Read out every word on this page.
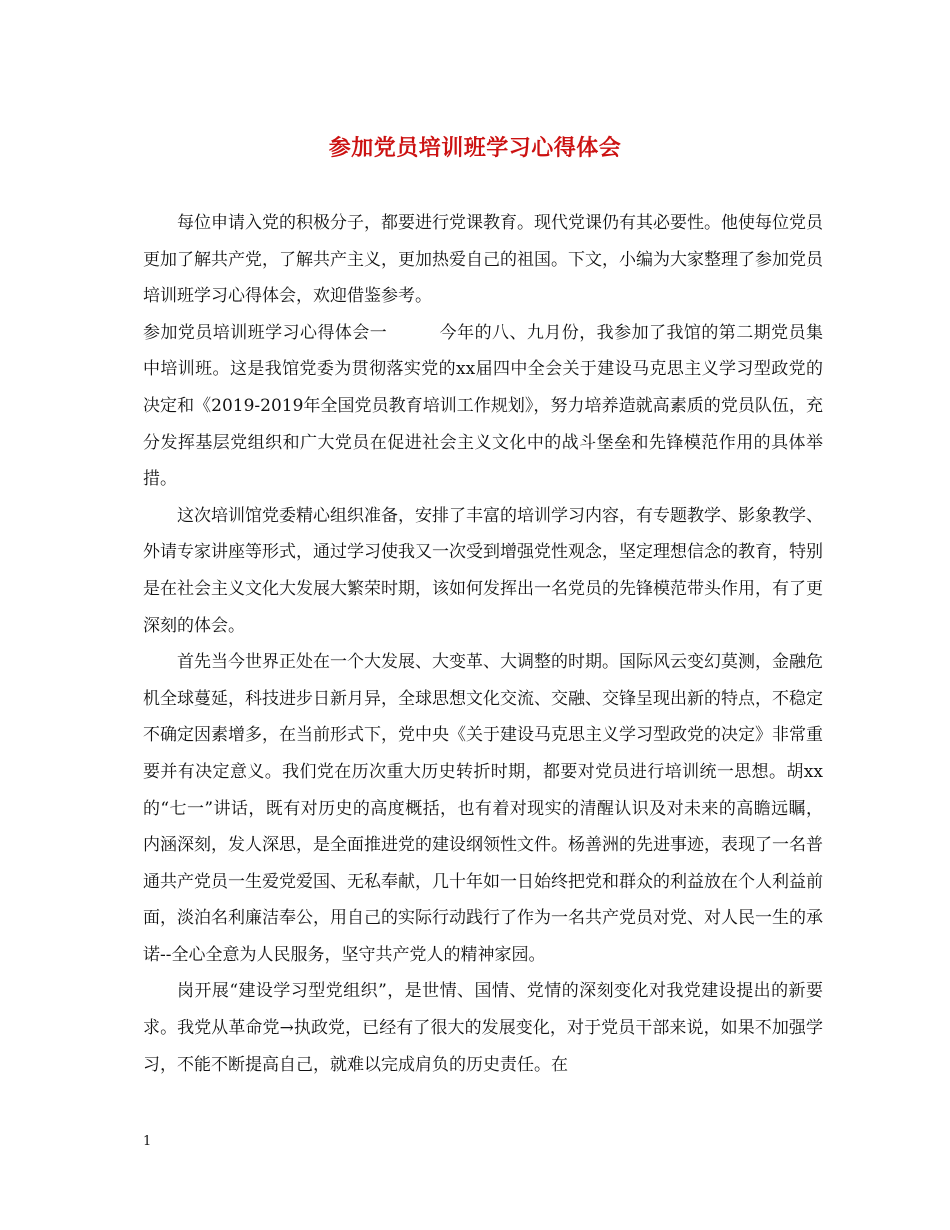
参加党员培训班学习心得体会

每位申请入党的积极分子，都要进行党课教育。现代党课仍有其必要性。他使每位党员更加了解共产党，了解共产主义，更加热爱自己的祖国。下文，小编为大家整理了参加党员培训班学习心得体会，欢迎借鉴参考。

参加党员培训班学习心得体会一	今年的八、九月份，我参加了我馆的第二期党员集中培训班。这是我馆党委为贯彻落实党的xx届四中全会关于建设马克思主义学习型政党的决定和《2019-2019年全国党员教育培训工作规划》，努力培养造就高素质的党员队伍，充分发挥基层党组织和广大党员在促进社会主义文化中的战斗堡垒和先锋模范作用的具体举措。

这次培训馆党委精心组织准备，安排了丰富的培训学习内容，有专题教学、影象教学、外请专家讲座等形式，通过学习使我又一次受到增强党性观念，坚定理想信念的教育，特别是在社会主义文化大发展大繁荣时期，该如何发挥出一名党员的先锋模范带头作用，有了更深刻的体会。

首先当今世界正处在一个大发展、大变革、大调整的时期。国际风云变幻莫测，金融危机全球蔓延，科技进步日新月异，全球思想文化交流、交融、交锋呈现出新的特点，不稳定不确定因素增多，在当前形式下，党中央《关于建设马克思主义学习型政党的决定》非常重要并有决定意义。我们党在历次重大历史转折时期，都要对党员进行培训统一思想。胡xx的“七一”讲话，既有对历史的高度概括，也有着对现实的清醒认识及对未来的高瞻远瞩，内涵深刻，发人深思，是全面推进党的建设纲领性文件。杨善洲的先进事迹，表现了一名普通共产党员一生爱党爱国、无私奉献，几十年如一日始终把党和群众的利益放在个人利益前面，淡泊名利廉洁奉公，用自己的实际行动践行了作为一名共产党员对党、对人民一生的承诺--全心全意为人民服务，坚守共产党人的精神家园。

岗开展“建设学习型党组织”，是世情、国情、党情的深刻变化对我党建设提出的新要求。我党从革命党→执政党，已经有了很大的发展变化，对于党员干部来说，如果不加强学习，不能不断提高自己，就难以完成肩负的历史责任。在

1
